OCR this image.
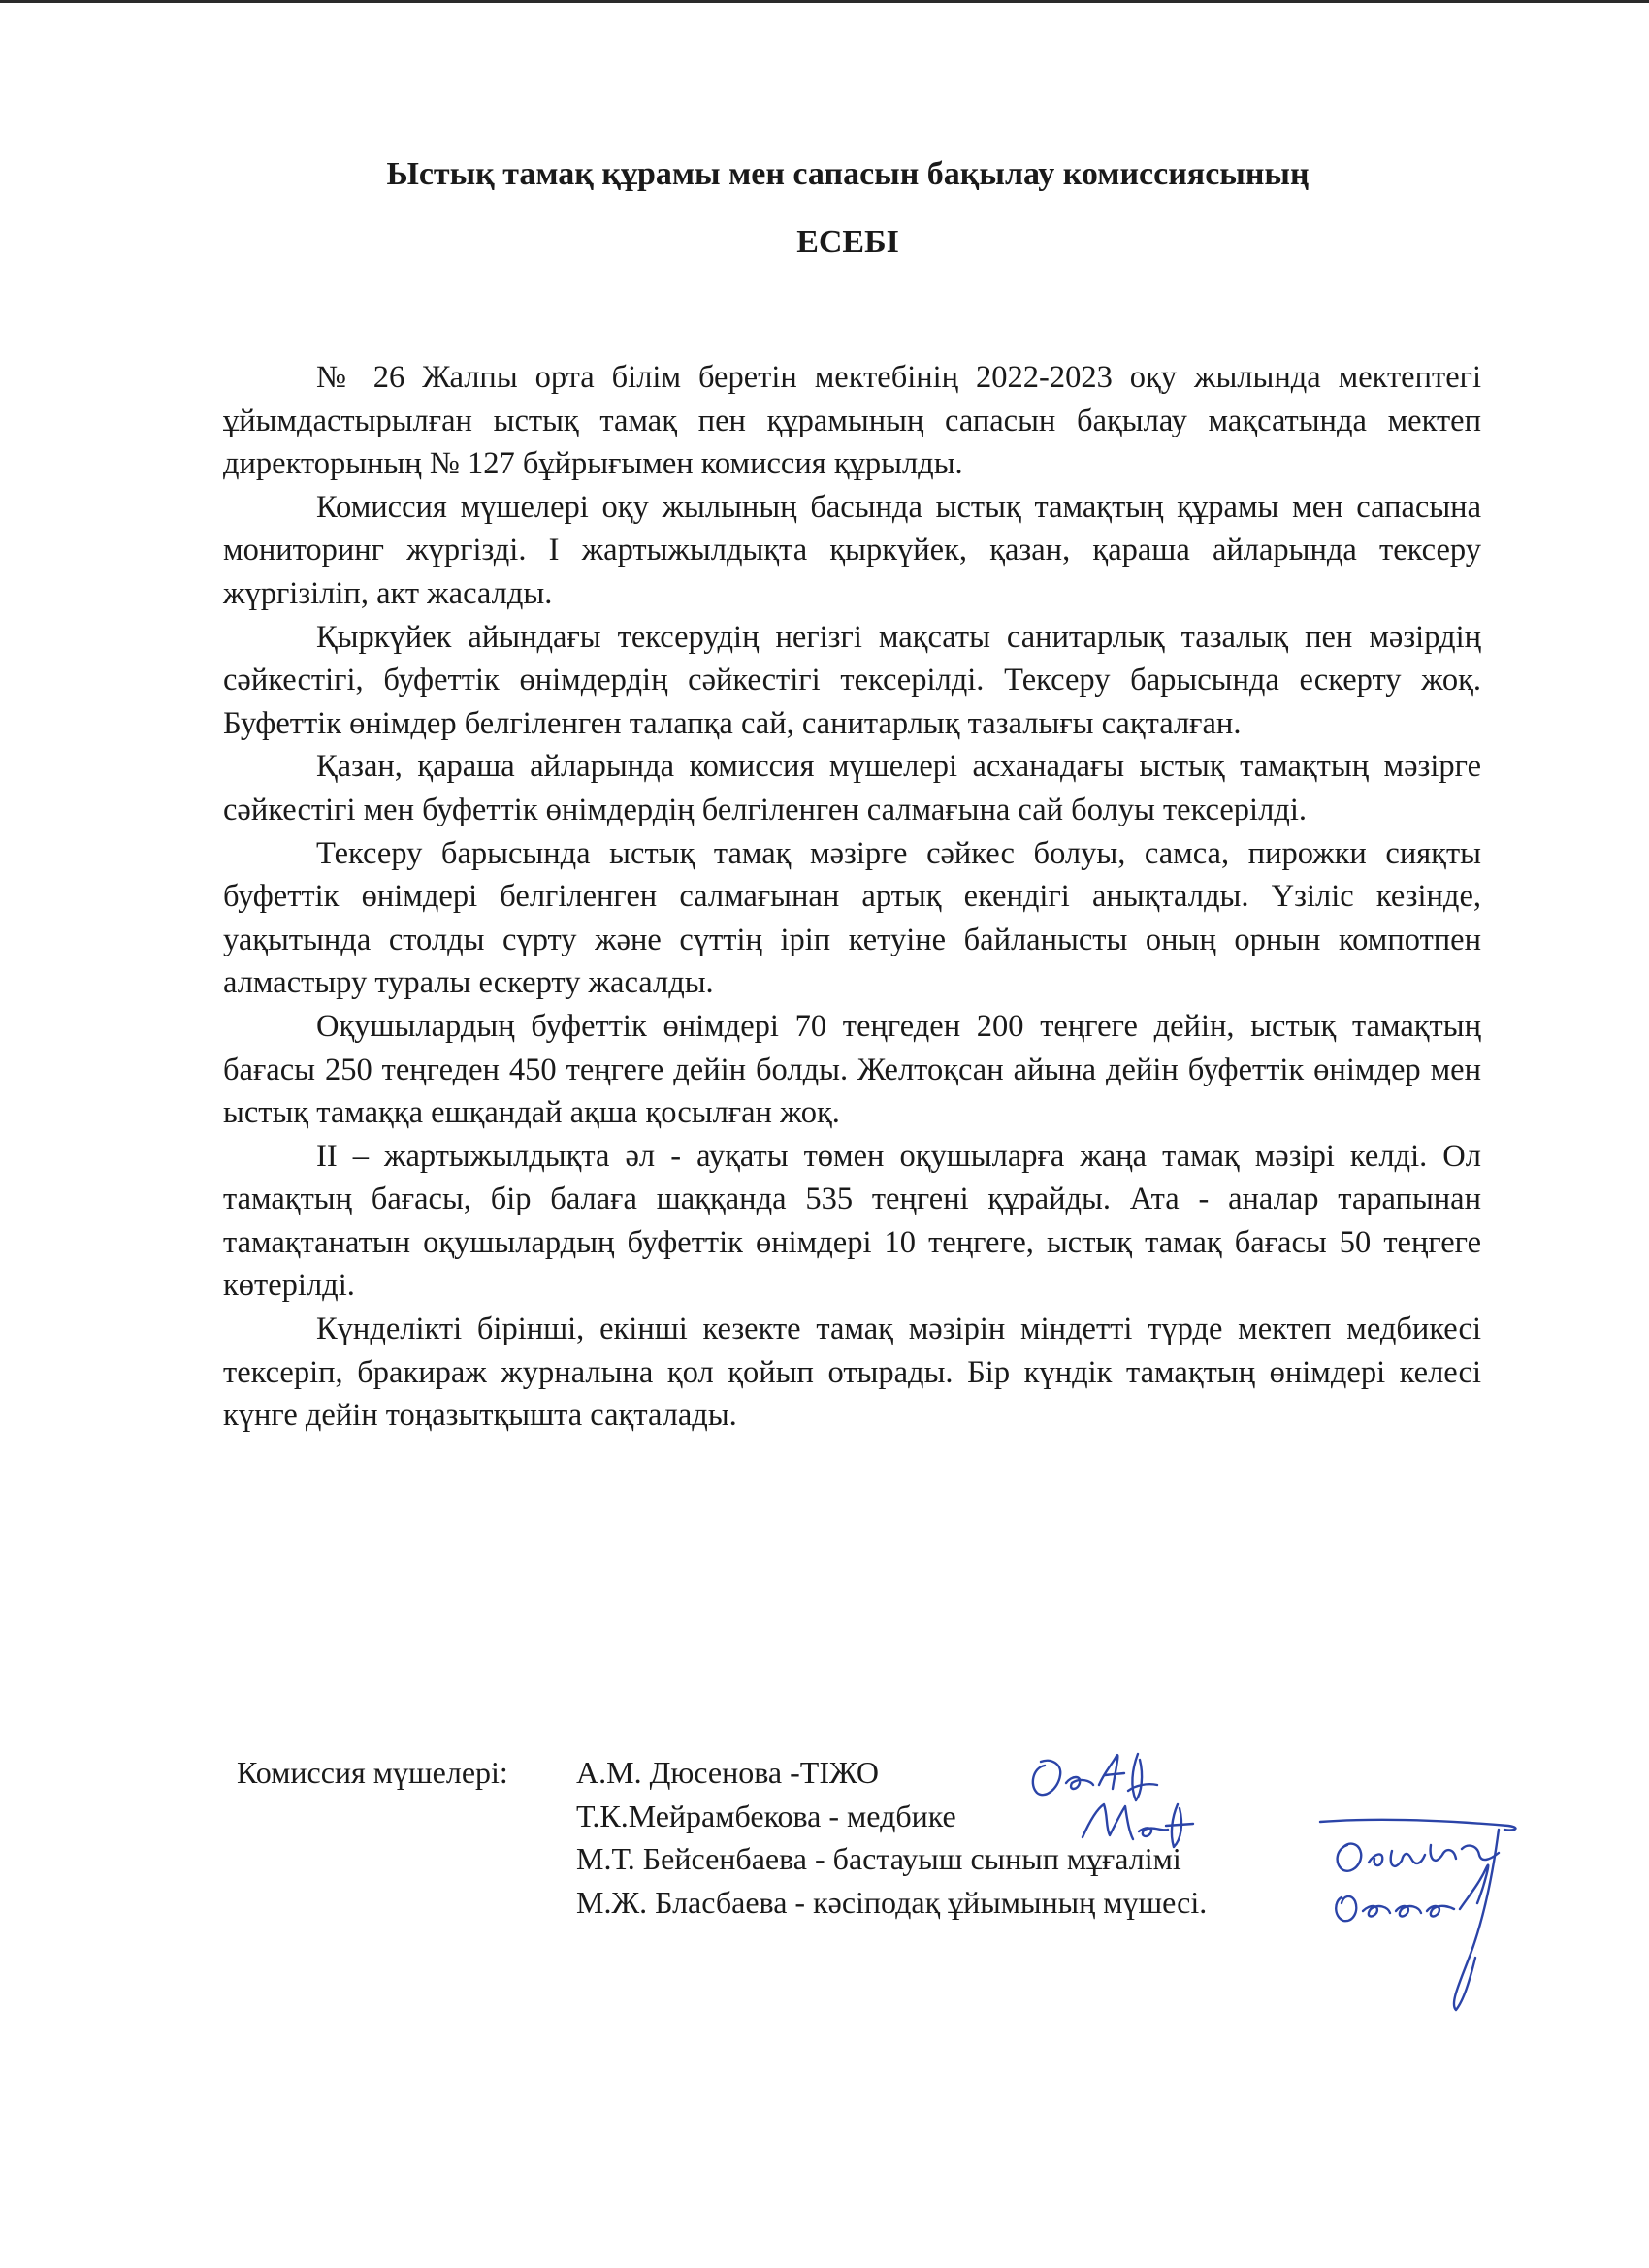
Ыстық тамақ құрамы мен сапасын бақылау комиссиясының
ЕСЕБІ

№ 26 Жалпы орта білім беретін мектебінің 2022-2023 оқу жылында мектептегі ұйымдастырылған ыстық тамақ пен құрамының сапасын бақылау мақсатында мектеп директорының № 127 бұйрығымен комиссия құрылды.

Комиссия мүшелері оқу жылының басында ыстық тамақтың құрамы мен сапасына мониторинг жүргізді. І жартыжылдықта қыркүйек, қазан, қараша айларында тексеру жүргізіліп, акт жасалды.

Қыркүйек айындағы тексерудің негізгі мақсаты санитарлық тазалық пен мәзірдің сәйкестігі, буфеттік өнімдердің сәйкестігі тексерілді. Тексеру барысында ескерту жоқ. Буфеттік өнімдер белгіленген талапқа сай, санитарлық тазалығы сақталған.

Қазан, қараша айларында комиссия мүшелері асханадағы ыстық тамақтың мәзірге сәйкестігі мен буфеттік өнімдердің белгіленген салмағына сай болуы тексерілді.

Тексеру барысында ыстық тамақ мәзірге сәйкес болуы, самса, пирожки сияқты буфеттік өнімдері белгіленген салмағынан артық екендігі анықталды. Үзіліс кезінде, уақытында столды сүрту және сүттің іріп кетуіне байланысты оның орнын компотпен алмастыру туралы ескерту жасалды.

Оқушылардың буфеттік өнімдері 70 теңгеден 200 теңгеге дейін, ыстық тамақтың бағасы 250 теңгеден 450 теңгеге дейін болды. Желтоқсан айына дейін буфеттік өнімдер мен ыстық тамаққа ешқандай ақша қосылған жоқ.

ІІ – жартыжылдықта әл - ауқаты төмен оқушыларға жаңа тамақ мәзірі келді. Ол тамақтың бағасы, бір балаға шаққанда 535 теңгені құрайды. Ата - аналар тарапынан тамақтанатын оқушылардың буфеттік өнімдері 10 теңгеге, ыстық тамақ бағасы 50 теңгеге көтерілді.

Күнделікті бірінші, екінші кезекте тамақ мәзірін міндетті түрде мектеп медбикесі тексеріп, бракираж журналына қол қойып отырады. Бір күндік тамақтың өнімдері келесі күнге дейін тоңазытқышта сақталады.

Комиссия мүшелері: А.М. Дюсенова -ТІЖО
Т.К.Мейрамбекова - медбике
М.Т. Бейсенбаева - бастауыш сынып мұғалімі
М.Ж. Бласбаева - кәсіподақ ұйымының мүшесі.
